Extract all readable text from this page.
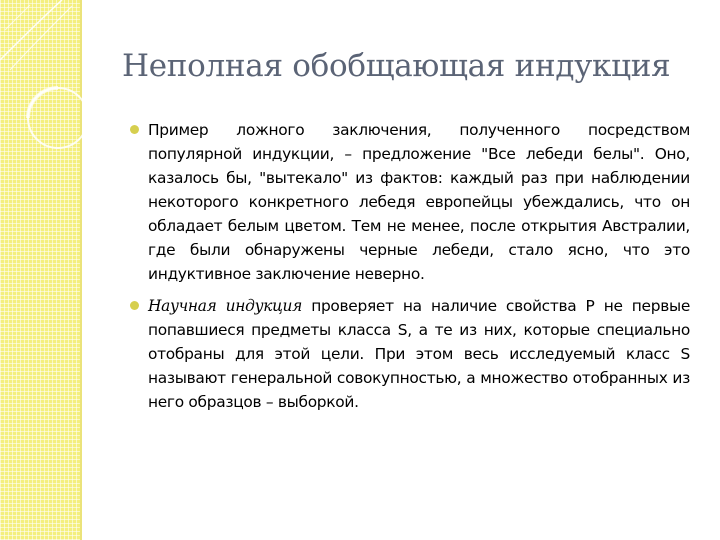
Неполная обобщающая индукция
Пример ложного заключения, полученного посредством популярной индукции, – предложение "Все лебеди белы". Оно, казалось бы, "вытекало" из фактов: каждый раз при наблюдении некоторого конкретного лебедя европейцы убеждались, что он обладает белым цветом. Тем не менее, после открытия Австралии, где были обнаружены черные лебеди, стало ясно, что это индуктивное заключение неверно.
Научная индукция проверяет на наличие свойства P не первые попавшиеся предметы класса S, а те из них, которые специально отобраны для этой цели. При этом весь исследуемый класс S называют генеральной совокупностью, а множество отобранных из него образцов – выборкой.
